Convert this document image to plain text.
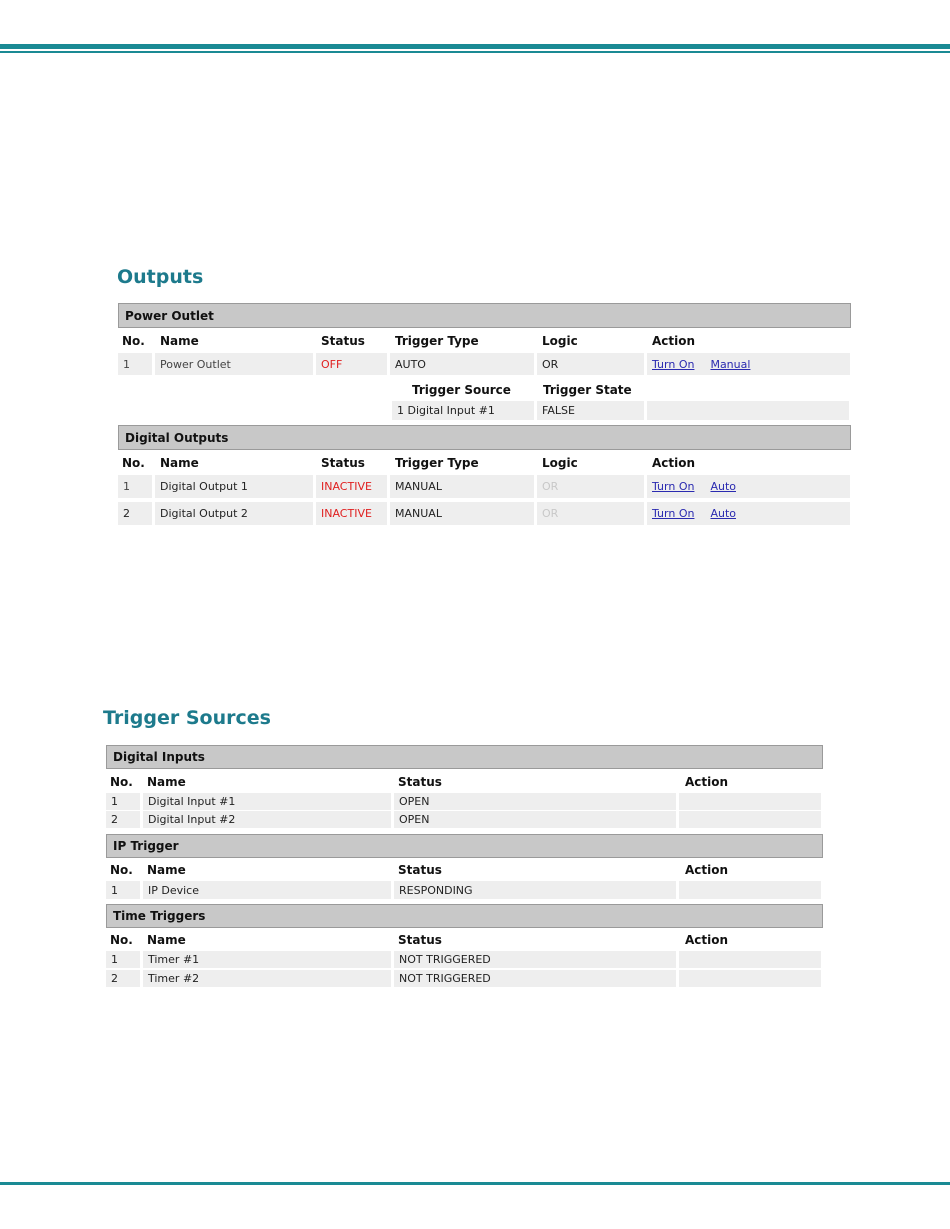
Outputs
Power Outlet
No. Name	Status	Trigger Type	Logic	Action
1	Power Outlet	OFF	AUTO	OR	Turn On Manual
Trigger Source	Trigger State
1 Digital Input #1	FALSE
Digital Outputs
No. Name	Status	Trigger Type	Logic	Action
1	Digital Output 1	INACTIVE	MANUAL	OR	Turn On Auto
2	Digital Output 2	INACTIVE	MANUAL	OR	Turn On Auto
Trigger Sources
Digital Inputs
No. Name	Status	Action
1	Digital Input #1	OPEN
2	Digital Input #2	OPEN
IP Trigger
No. Name	Status	Action
1	IP Device	RESPONDING
Time Triggers
No. Name	Status	Action
1	Timer #1	NOT TRIGGERED
2	Timer #2	NOT TRIGGERED
